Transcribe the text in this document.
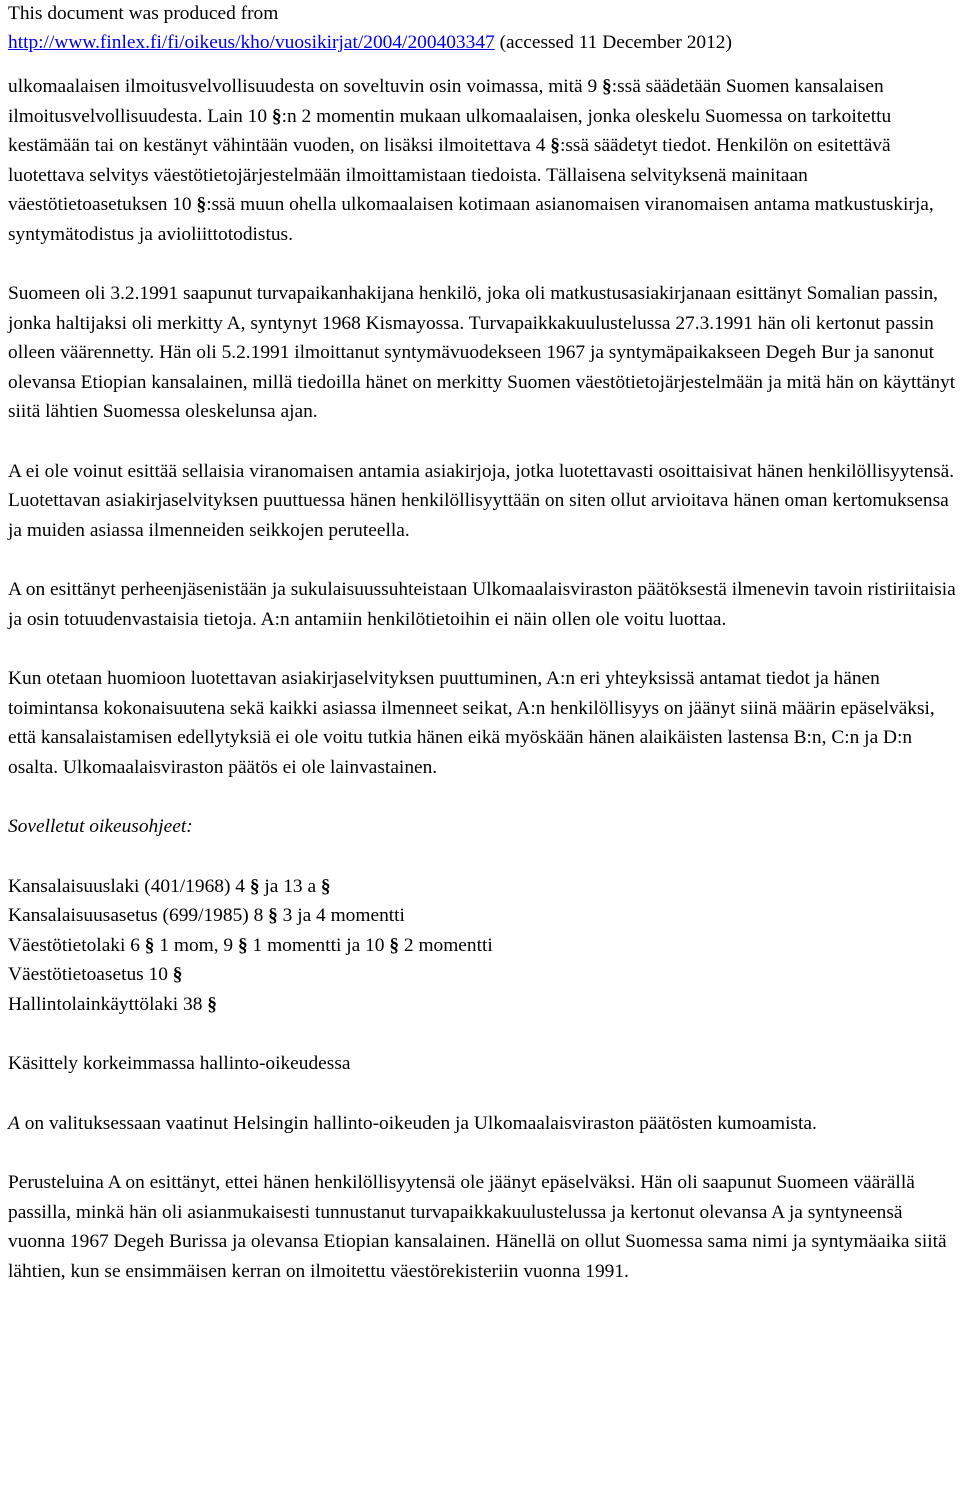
This document was produced from
http://www.finlex.fi/fi/oikeus/kho/vuosikirjat/2004/200403347 (accessed 11 December 2012)

ulkomaalaisen ilmoitusvelvollisuudesta on soveltuvin osin voimassa, mitä 9 §:ssä säädetään Suomen kansalaisen ilmoitusvelvollisuudesta. Lain 10 §:n 2 momentin mukaan ulkomaalaisen, jonka oleskelu Suomessa on tarkoitettu kestämään tai on kestänyt vähintään vuoden, on lisäksi ilmoitettava 4 §:ssä säädetyt tiedot. Henkilön on esitettävä luotettava selvitys väestötietojärjestelmään ilmoittamistaan tiedoista. Tällaisena selvityksenä mainitaan väestötietoasetuksen 10 §:ssä muun ohella ulkomaalaisen kotimaan asianomaisen viranomaisen antama matkustuskirja, syntymätodistus ja avioliittotodistus.

Suomeen oli 3.2.1991 saapunut turvapaikanhakijana henkilö, joka oli matkustusasiakirjanaan esittänyt Somalian passin, jonka haltijaksi oli merkitty A, syntynyt 1968 Kismayossa. Turvapaikkakuulustelussa 27.3.1991 hän oli kertonut passin olleen väärennetty. Hän oli 5.2.1991 ilmoittanut syntymävuodekseen 1967 ja syntymäpaikakseen Degeh Bur ja sanonut olevansa Etiopian kansalainen, millä tiedoilla hänet on merkitty Suomen väestötietojärjestelmään ja mitä hän on käyttänyt siitä lähtien Suomessa oleskelunsa ajan.

A ei ole voinut esittää sellaisia viranomaisen antamia asiakirjoja, jotka luotettavasti osoittaisivat hänen henkilöllisyytensä. Luotettavan asiakirjaselvityksen puuttuessa hänen henkilöllisyyttään on siten ollut arvioitava hänen oman kertomuksensa ja muiden asiassa ilmenneiden seikkojen peruteella.

A on esittänyt perheenjäsenistään ja sukulaisuussuhteistaan Ulkomaalaisviraston päätöksestä ilmenevin tavoin ristiriitaisia ja osin totuudenvastaisia tietoja. A:n antamiin henkilötietoihin ei näin ollen ole voitu luottaa.

Kun otetaan huomioon luotettavan asiakirjaselvityksen puuttuminen, A:n eri yhteyksissä antamat tiedot ja hänen toimintansa kokonaisuutena sekä kaikki asiassa ilmenneet seikat, A:n henkilöllisyys on jäänyt siinä määrin epäselväksi, että kansalaistamisen edellytyksiä ei ole voitu tutkia hänen eikä myöskään hänen alaikäisten lastensa B:n, C:n ja D:n osalta. Ulkomaalaisviraston päätös ei ole lainvastainen.

Sovelletut oikeusohjeet:

Kansalaisuuslaki (401/1968) 4 § ja 13 a §
Kansalaisuusasetus (699/1985) 8 § 3 ja 4 momentti
Väestötietolaki 6 § 1 mom, 9 § 1 momentti ja 10 § 2 momentti
Väestötietoasetus 10 §
Hallintolainkäyttölaki 38 §

Käsittely korkeimmassa hallinto-oikeudessa

A on valituksessaan vaatinut Helsingin hallinto-oikeuden ja Ulkomaalaisviraston päätösten kumoamista.

Perusteluina A on esittänyt, ettei hänen henkilöllisyytensä ole jäänyt epäselväksi. Hän oli saapunut Suomeen väärällä passilla, minkä hän oli asianmukaisesti tunnustanut turvapaikkakuulustelussa ja kertonut olevansa A ja syntyneensä vuonna 1967 Degeh Burissa ja olevansa Etiopian kansalainen. Hänellä on ollut Suomessa sama nimi ja syntymäaika siitä lähtien, kun se ensimmäisen kerran on ilmoitettu väestörekisteriin vuonna 1991.
